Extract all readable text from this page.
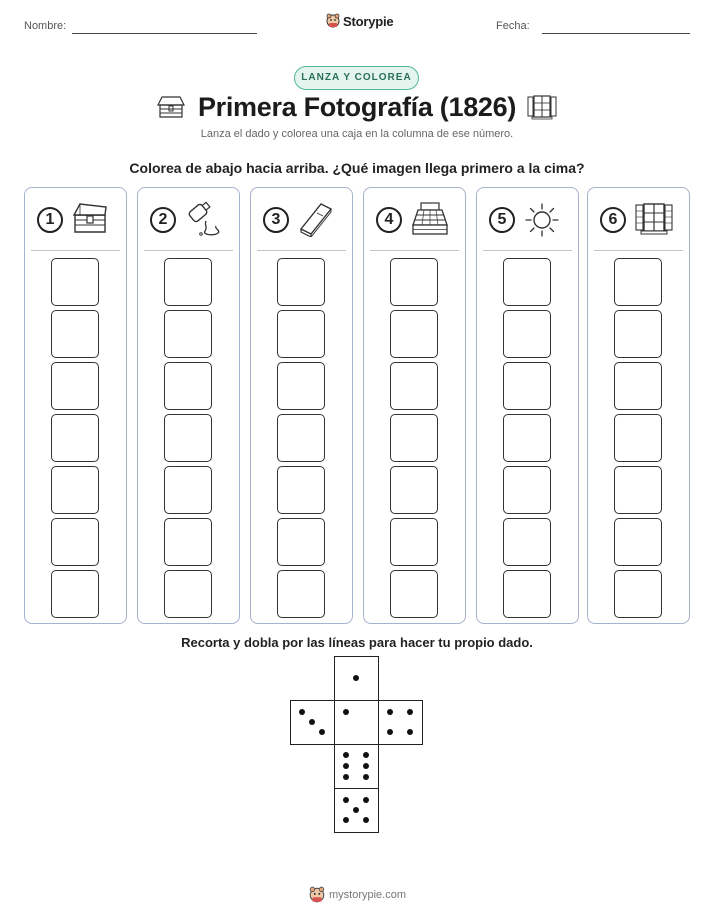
Nombre:	Storypie	Fecha:
LANZA Y COLOREA
Primera Fotografía (1826)
Lanza el dado y colorea una caja en la columna de ese número.
Colorea de abajo hacia arriba. ¿Qué imagen llega primero a la cima?
1	2	3	4	5	6
Recorta y dobla por las líneas para hacer tu propio dado.
mystorypie.com
